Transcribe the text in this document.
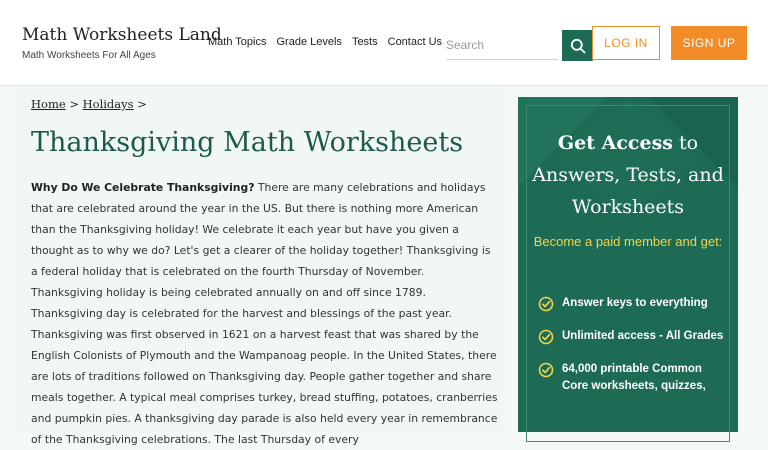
Math Worksheets Land
Math Worksheets For All Ages
Math Topics Grade Levels Tests Contact Us
Search	LOG IN	SIGN UP
Home > Holidays >
Thanksgiving Math Worksheets

Why Do We Celebrate Thanksgiving? There are many celebrations and holidays that are celebrated around the year in the US. But there is nothing more American than the Thanksgiving holiday! We celebrate it each year but have you given a thought as to why we do? Let's get a clearer of the holiday together! Thanksgiving is a federal holiday that is celebrated on the fourth Thursday of November. Thanksgiving holiday is being celebrated annually on and off since 1789. Thanksgiving day is celebrated for the harvest and blessings of the past year. Thanksgiving was first observed in 1621 on a harvest feast that was shared by the English Colonists of Plymouth and the Wampanoag people. In the United States, there are lots of traditions followed on Thanksgiving day. People gather together and share meals together. A typical meal comprises turkey, bread stuffing, potatoes, cranberries and pumpkin pies. A thanksgiving day parade is also held every year in remembrance of the Thanksgiving celebrations. The last Thursday of every

Get Access to Answers, Tests, and Worksheets
Become a paid member and get:
Answer keys to everything
Unlimited access - All Grades
64,000 printable Common Core worksheets, quizzes,
